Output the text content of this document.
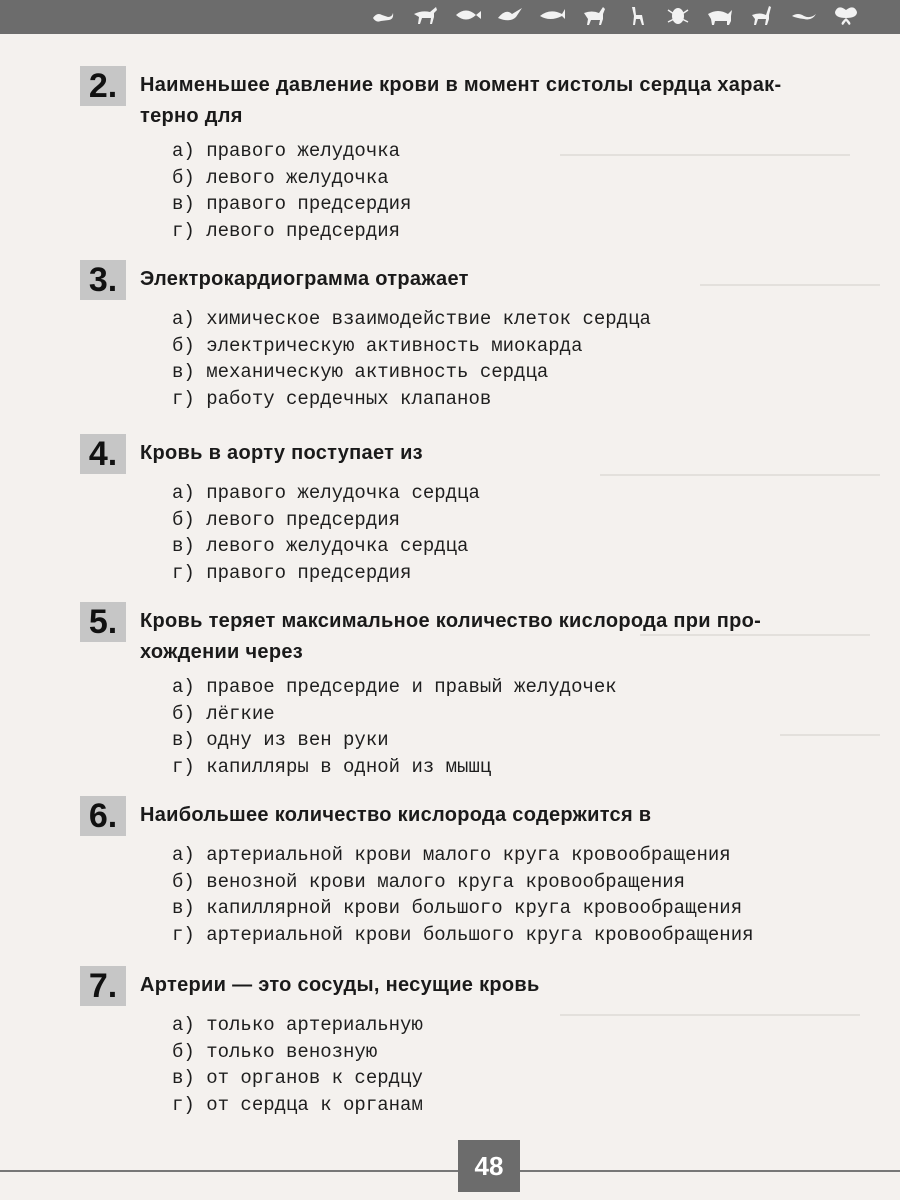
2.	Наименьшее давление крови в момент систолы сердца харак-
терно для
а) правого желудочка
б) левого желудочка
в) правого предсердия
г) левого предсердия
3.	Электрокардиограмма отражает
а) химическое взаимодействие клеток сердца
б) электрическую активность миокарда
в) механическую активность сердца
г) работу сердечных клапанов
4.	Кровь в аорту поступает из
а) правого желудочка сердца
б) левого предсердия
в) левого желудочка сердца
г) правого предсердия
5.	Кровь теряет максимальное количество кислорода при про-
хождении через
а) правое предсердие и правый желудочек
б) лёгкие
в) одну из вен руки
г) капилляры в одной из мышц
6.	Наибольшее количество кислорода содержится в
а) артериальной крови малого круга кровообращения
б) венозной крови малого круга кровообращения
в) капиллярной крови большого круга кровообращения
г) артериальной крови большого круга кровообращения
7.	Артерии — это сосуды, несущие кровь
а) только артериальную
б) только венозную
в) от органов к сердцу
г) от сердца к органам
48
